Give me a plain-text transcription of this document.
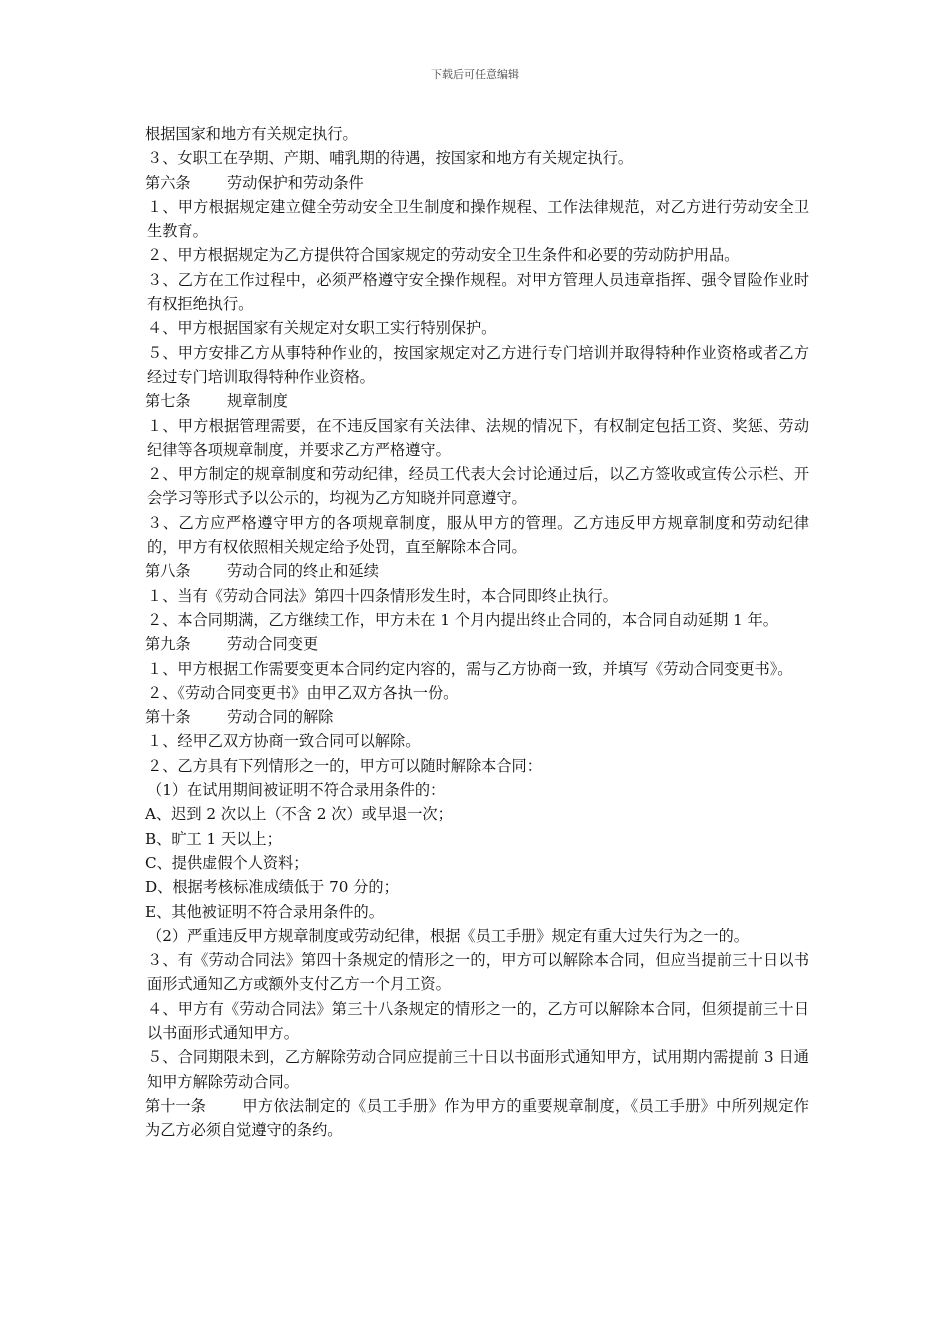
下载后可任意编辑

根据国家和地方有关规定执行。

３、女职工在孕期、产期、哺乳期的待遇，按国家和地方有关规定执行。

第六条 劳动保护和劳动条件

１、甲方根据规定建立健全劳动安全卫生制度和操作规程、工作法律规范，对乙方进行劳动安全卫生教育。

２、甲方根据规定为乙方提供符合国家规定的劳动安全卫生条件和必要的劳动防护用品。

３、乙方在工作过程中，必须严格遵守安全操作规程。对甲方管理人员违章指挥、强令冒险作业时有权拒绝执行。

４、甲方根据国家有关规定对女职工实行特别保护。

５、甲方安排乙方从事特种作业的，按国家规定对乙方进行专门培训并取得特种作业资格或者乙方经过专门培训取得特种作业资格。

第七条 规章制度

１、甲方根据管理需要，在不违反国家有关法律、法规的情况下，有权制定包括工资、奖惩、劳动纪律等各项规章制度，并要求乙方严格遵守。

２、甲方制定的规章制度和劳动纪律，经员工代表大会讨论通过后，以乙方签收或宣传公示栏、开会学习等形式予以公示的，均视为乙方知晓并同意遵守。

３、乙方应严格遵守甲方的各项规章制度，服从甲方的管理。乙方违反甲方规章制度和劳动纪律的，甲方有权依照相关规定给予处罚，直至解除本合同。

第八条 劳动合同的终止和延续

１、当有《劳动合同法》第四十四条情形发生时，本合同即终止执行。

２、本合同期满，乙方继续工作，甲方未在 1 个月内提出终止合同的，本合同自动延期 1 年。

第九条 劳动合同变更

１、甲方根据工作需要变更本合同约定内容的，需与乙方协商一致，并填写《劳动合同变更书》。

２、《劳动合同变更书》由甲乙双方各执一份。

第十条 劳动合同的解除

１、经甲乙双方协商一致合同可以解除。

２、乙方具有下列情形之一的，甲方可以随时解除本合同：

（1）在试用期间被证明不符合录用条件的：

A、迟到 2 次以上（不含 2 次）或早退一次；

B、旷工 1 天以上；

C、提供虚假个人资料；

D、根据考核标准成绩低于 70 分的；

E、其他被证明不符合录用条件的。

（2）严重违反甲方规章制度或劳动纪律，根据《员工手册》规定有重大过失行为之一的。

３、有《劳动合同法》第四十条规定的情形之一的，甲方可以解除本合同，但应当提前三十日以书面形式通知乙方或额外支付乙方一个月工资。

４、甲方有《劳动合同法》第三十八条规定的情形之一的，乙方可以解除本合同，但须提前三十日以书面形式通知甲方。

５、合同期限未到，乙方解除劳动合同应提前三十日以书面形式通知甲方，试用期内需提前 3 日通知甲方解除劳动合同。

第十一条 甲方依法制定的《员工手册》作为甲方的重要规章制度，《员工手册》中所列规定作为乙方必须自觉遵守的条约。
